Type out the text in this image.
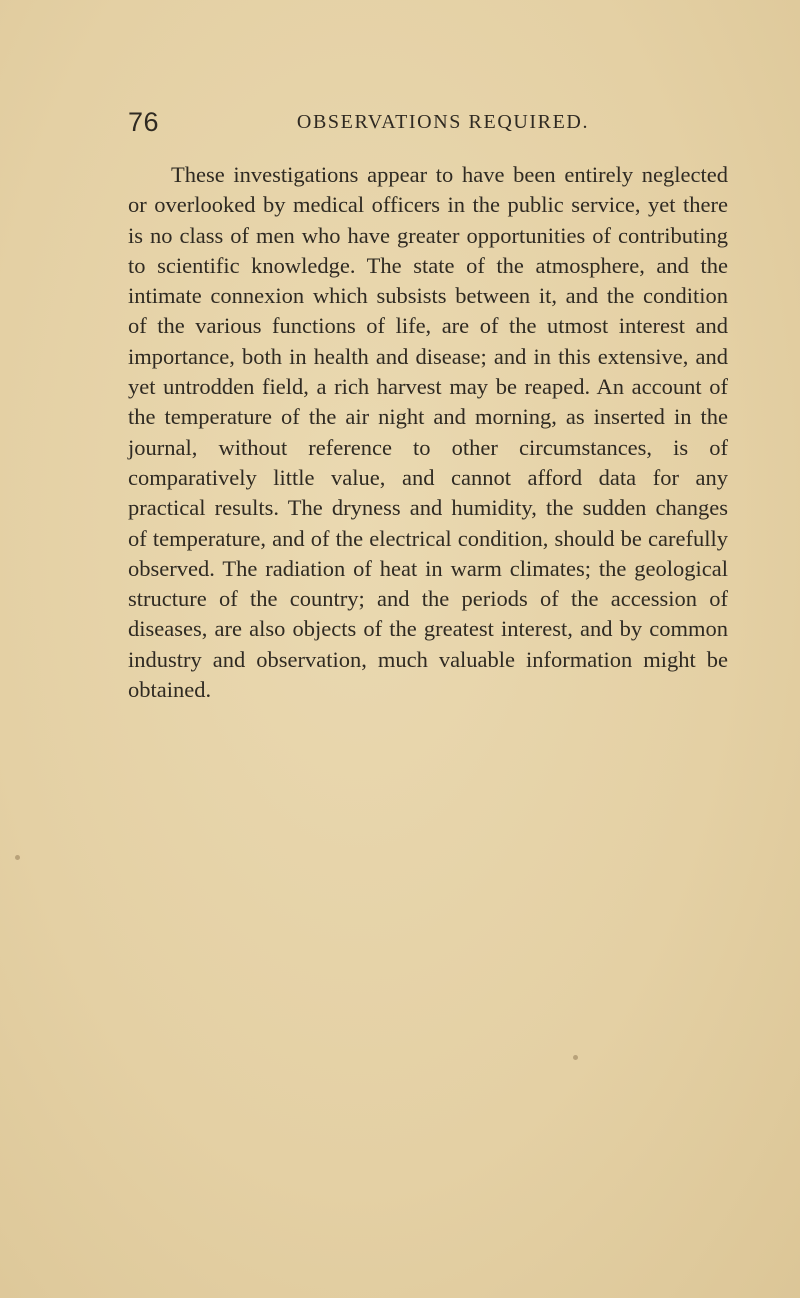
76	OBSERVATIONS REQUIRED.

These investigations appear to have been entirely neglected or overlooked by medical officers in the public service, yet there is no class of men who have greater opportunities of contributing to scientific knowledge. The state of the atmosphere, and the intimate connexion which subsists between it, and the condition of the various functions of life, are of the utmost interest and importance, both in health and disease; and in this extensive, and yet untrodden field, a rich harvest may be reaped. An account of the temperature of the air night and morning, as inserted in the journal, without reference to other circumstances, is of comparatively little value, and cannot afford data for any practical results. The dryness and humidity, the sudden changes of temperature, and of the electrical condition, should be carefully observed. The radiation of heat in warm climates; the geological structure of the country; and the periods of the accession of diseases, are also objects of the greatest interest, and by common industry and observation, much valuable information might be obtained.
